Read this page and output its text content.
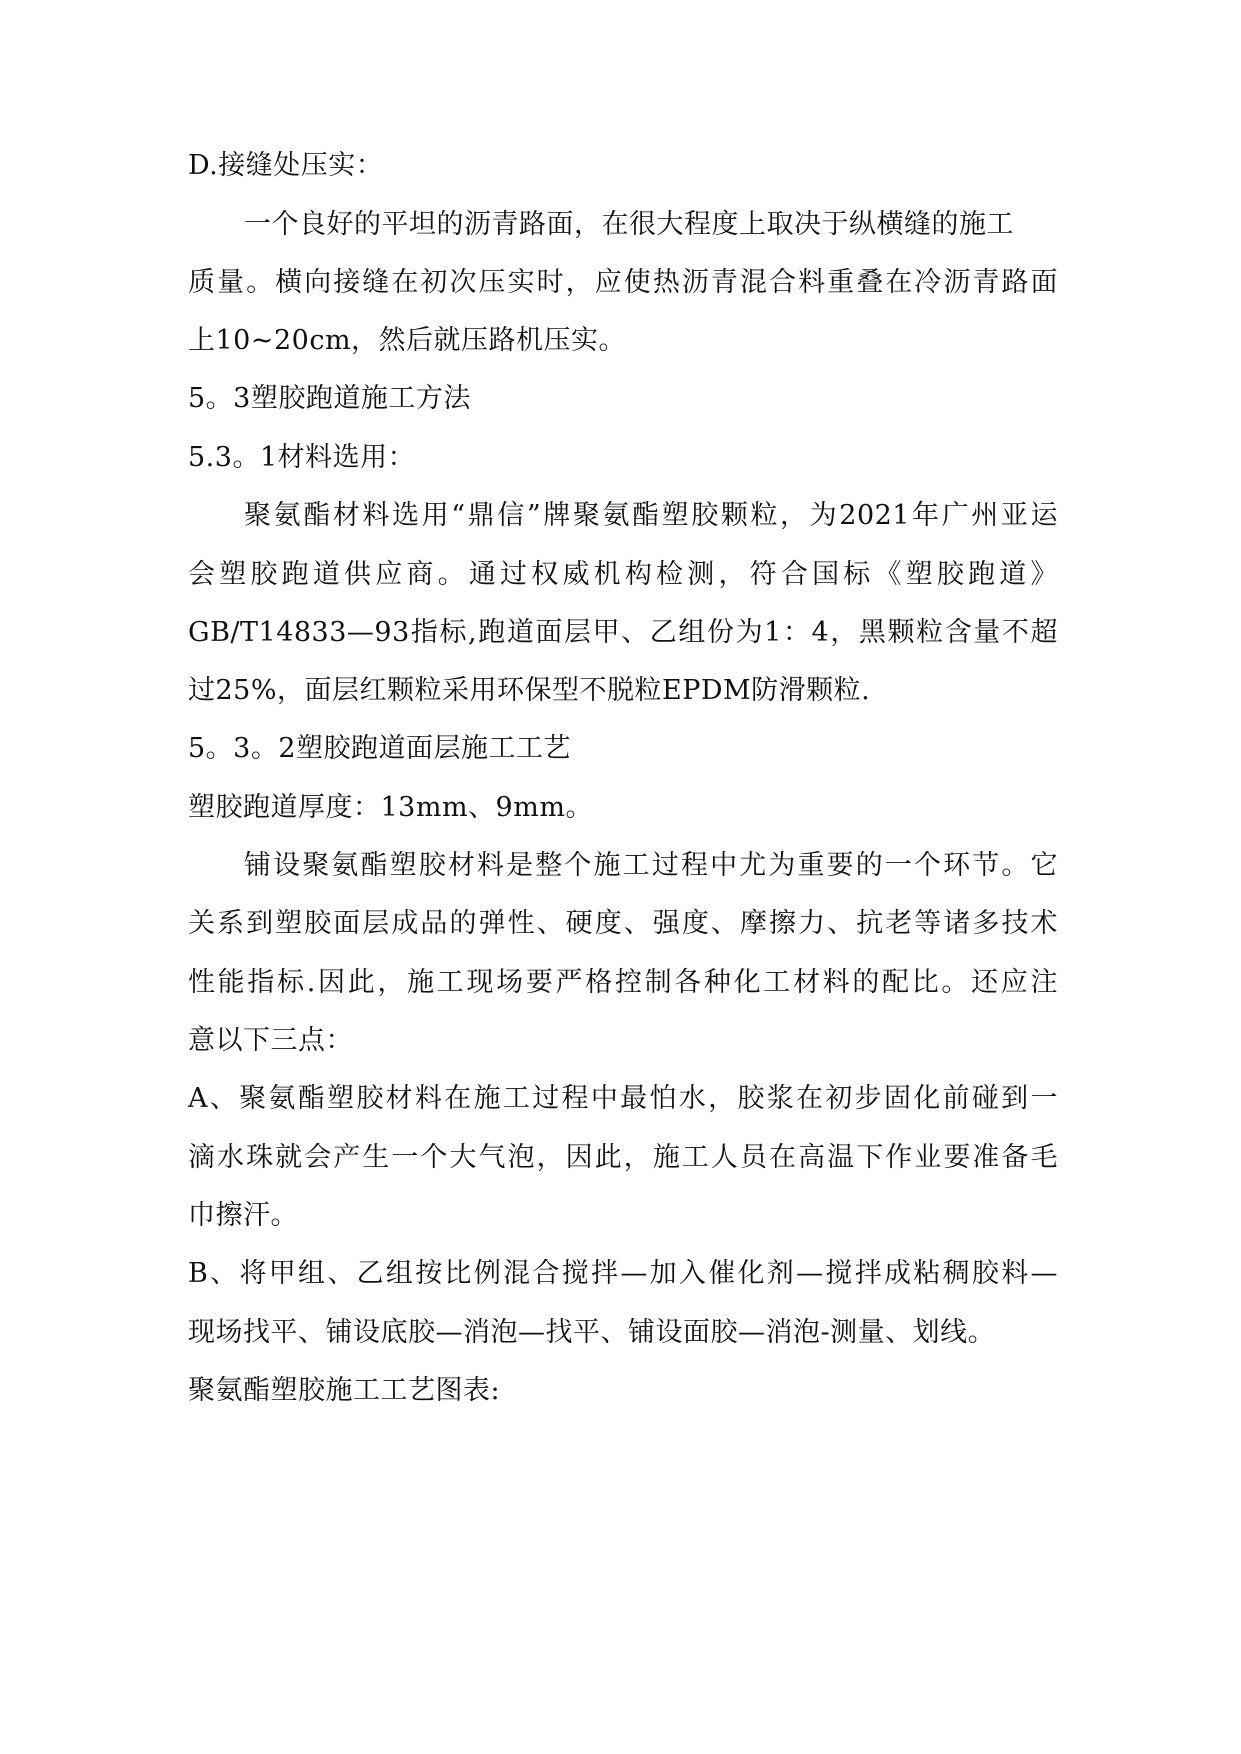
D.接缝处压实：
一个良好的平坦的沥青路面，在很大程度上取决于纵横缝的施工
质量。横向接缝在初次压实时，应使热沥青混合料重叠在冷沥青路面
上10~20cm，然后就压路机压实。
5。3塑胶跑道施工方法
5.3。1材料选用：
聚氨酯材料选用“鼎信”牌聚氨酯塑胶颗粒，为2021年广州亚运
会塑胶跑道供应商。通过权威机构检测，符合国标《塑胶跑道》
GB/T14833—93指标,跑道面层甲、乙组份为1：4，黑颗粒含量不超
过25%，面层红颗粒采用环保型不脱粒EPDM防滑颗粒.
5。3。2塑胶跑道面层施工工艺
塑胶跑道厚度：13mm、9mm。
铺设聚氨酯塑胶材料是整个施工过程中尤为重要的一个环节。它
关系到塑胶面层成品的弹性、硬度、强度、摩擦力、抗老等诸多技术
性能指标.因此，施工现场要严格控制各种化工材料的配比。还应注
意以下三点：
A、聚氨酯塑胶材料在施工过程中最怕水，胶浆在初步固化前碰到一
滴水珠就会产生一个大气泡，因此，施工人员在高温下作业要准备毛
巾擦汗。
B、将甲组、乙组按比例混合搅拌—加入催化剂—搅拌成粘稠胶料—
现场找平、铺设底胶—消泡—找平、铺设面胶—消泡-测量、划线。
聚氨酯塑胶施工工艺图表:
